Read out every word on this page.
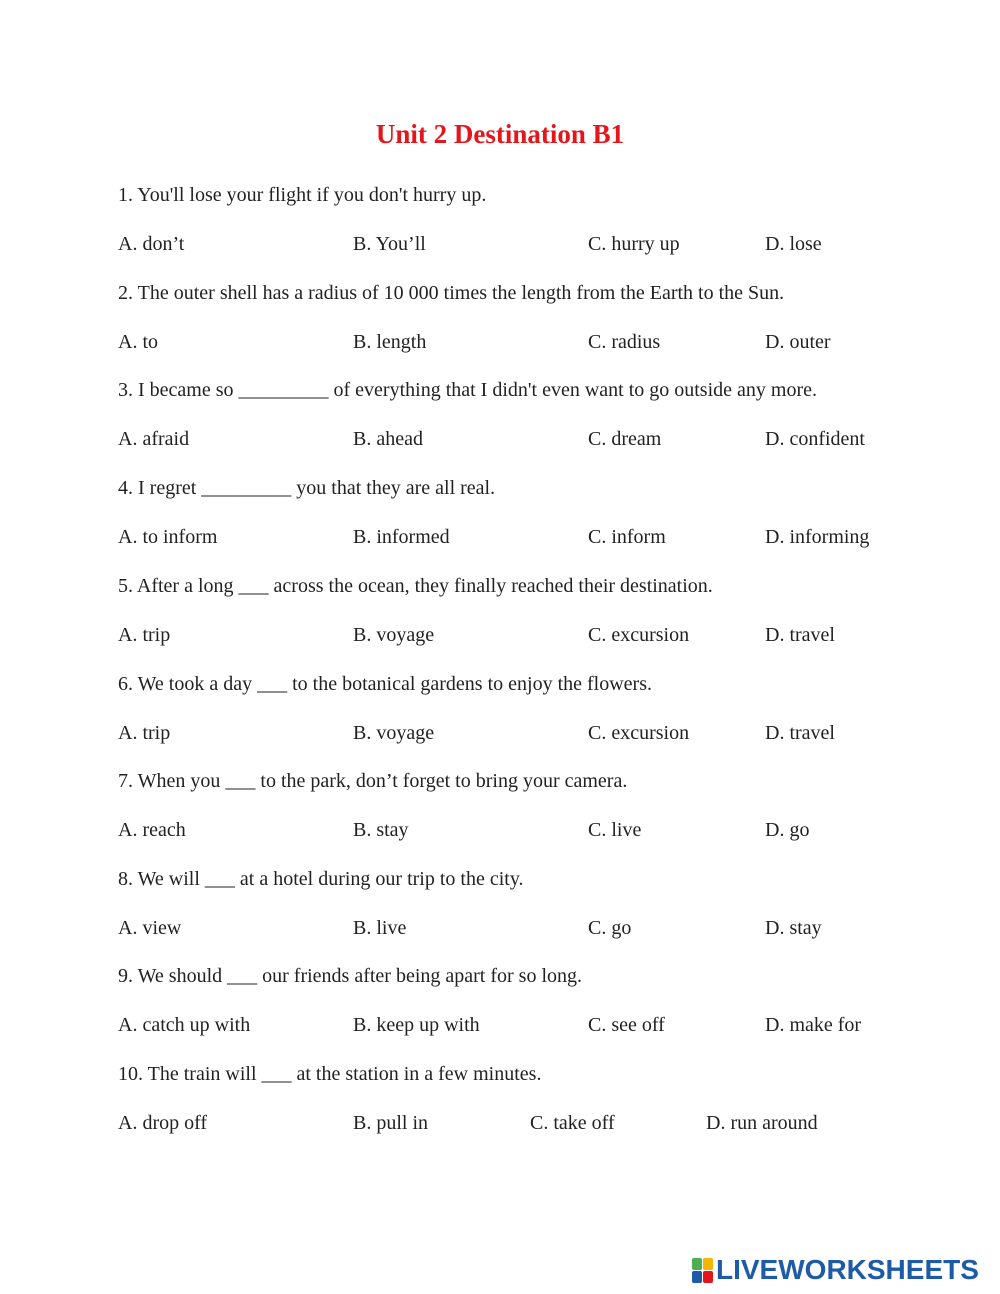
Unit 2 Destination B1
1. You'll lose your flight if you don't hurry up.
A. don’t	B. You’ll	C. hurry up	D. lose
2. The outer shell has a radius of 10 000 times the length from the Earth to the Sun.
A. to	B. length	C. radius	D. outer
3. I became so _________ of everything that I didn't even want to go outside any more.
A. afraid	B. ahead	C. dream	D. confident
4. I regret _________ you that they are all real.
A. to inform	B. informed	C. inform	D. informing
5. After a long ___ across the ocean, they finally reached their destination.
A. trip	B. voyage	C. excursion	D. travel
6. We took a day ___ to the botanical gardens to enjoy the flowers.
A. trip	B. voyage	C. excursion	D. travel
7. When you ___ to the park, don’t forget to bring your camera.
A. reach	B. stay	C. live	D. go
8. We will ___ at a hotel during our trip to the city.
A. view	B. live	C. go	D. stay
9. We should ___ our friends after being apart for so long.
A. catch up with	B. keep up with	C. see off	D. make for
10. The train will ___ at the station in a few minutes.
A. drop off	B. pull in	C. take off	D. run around
LIVEWORKSHEETS
